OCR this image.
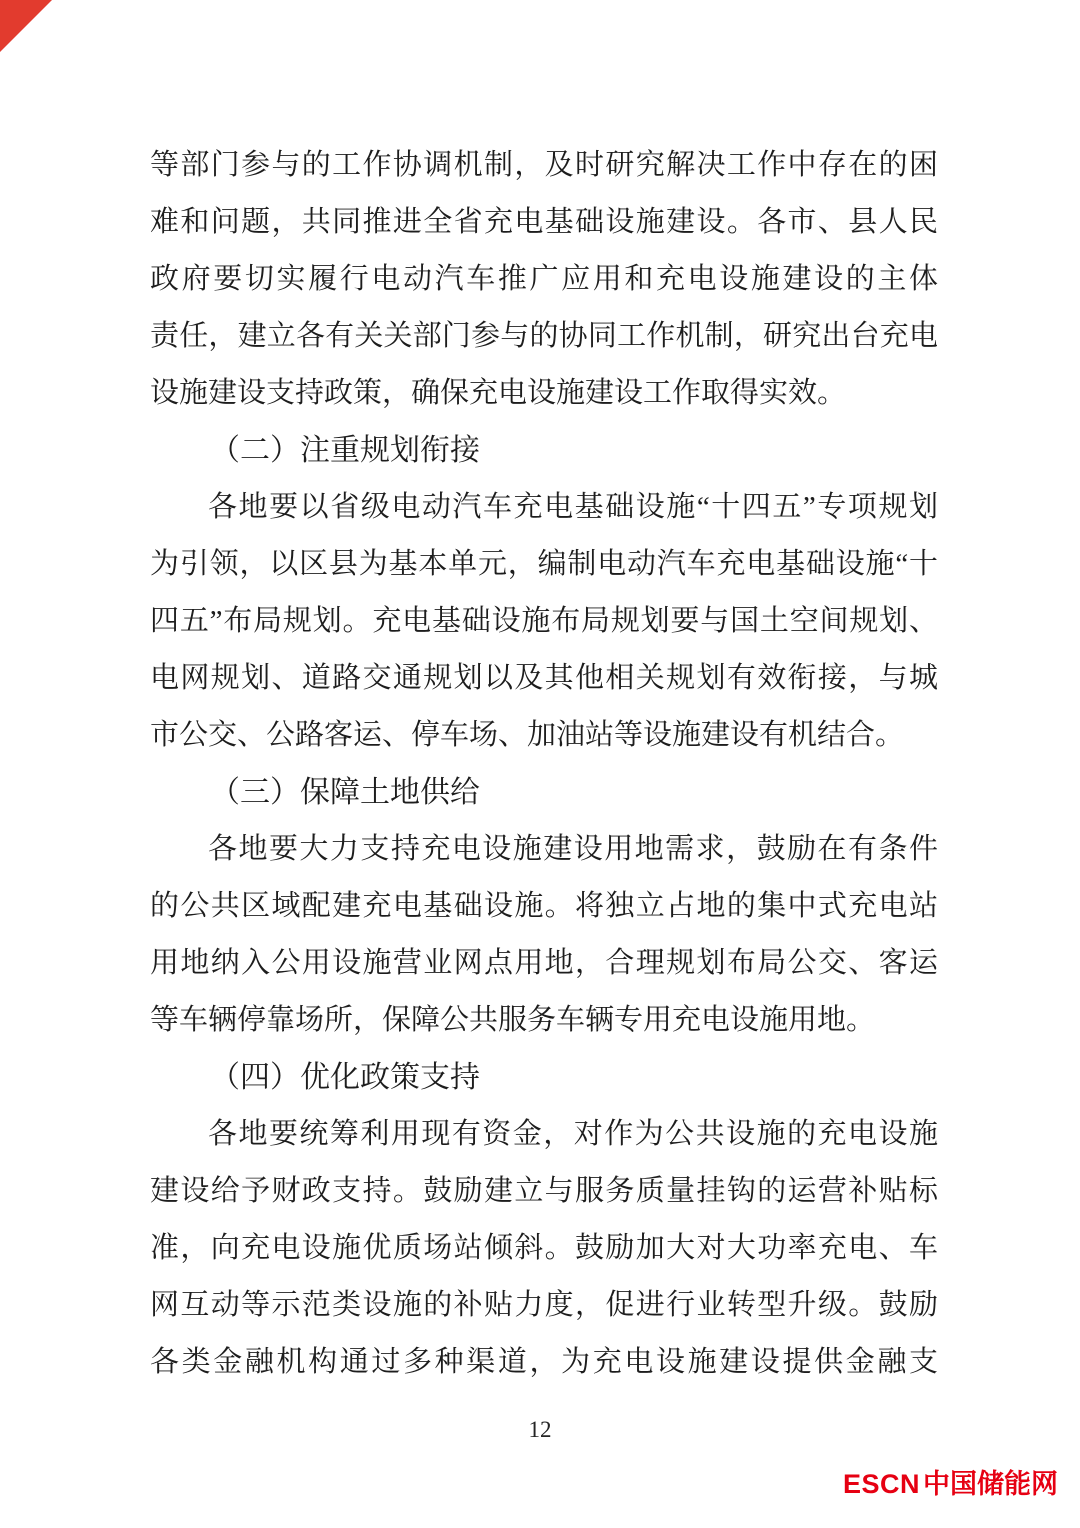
等部门参与的工作协调机制，及时研究解决工作中存在的困
难和问题，共同推进全省充电基础设施建设。各市、县人民
政府要切实履行电动汽车推广应用和充电设施建设的主体
责任，建立各有关关部门参与的协同工作机制，研究出台充电
设施建设支持政策，确保充电设施建设工作取得实效。
（二）注重规划衔接
各地要以省级电动汽车充电基础设施“十四五”专项规划
为引领，以区县为基本单元，编制电动汽车充电基础设施“十
四五”布局规划。充电基础设施布局规划要与国土空间规划、
电网规划、道路交通规划以及其他相关规划有效衔接，与城
市公交、公路客运、停车场、加油站等设施建设有机结合。
（三）保障土地供给
各地要大力支持充电设施建设用地需求，鼓励在有条件
的公共区域配建充电基础设施。将独立占地的集中式充电站
用地纳入公用设施营业网点用地，合理规划布局公交、客运
等车辆停靠场所，保障公共服务车辆专用充电设施用地。
（四）优化政策支持
各地要统筹利用现有资金，对作为公共设施的充电设施
建设给予财政支持。鼓励建立与服务质量挂钩的运营补贴标
准，向充电设施优质场站倾斜。鼓励加大对大功率充电、车
网互动等示范类设施的补贴力度，促进行业转型升级。鼓励
各类金融机构通过多种渠道，为充电设施建设提供金融支
12
ESCN 中国储能网
